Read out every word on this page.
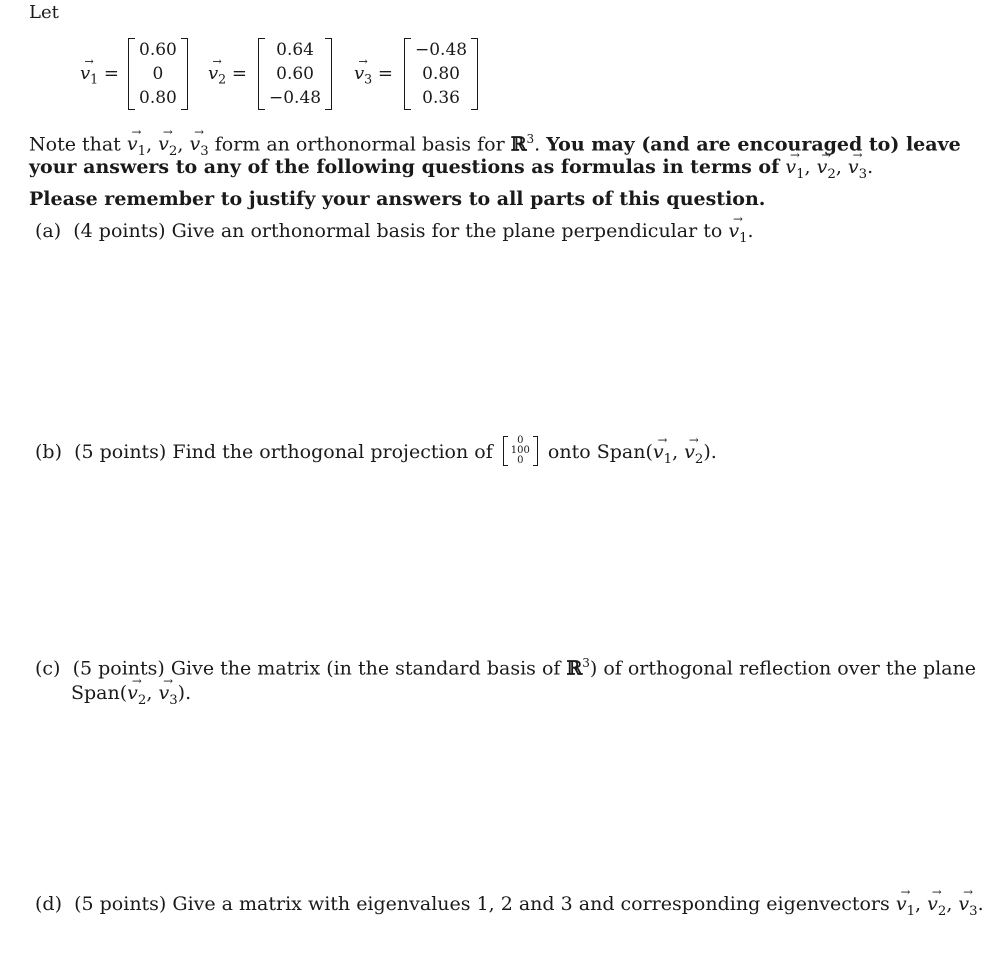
Let
→ $v_1$ =
0.60
0
0.80
→ $v_2$ =
0.64
0.60
−0.48
→ $v_3$ =
−0.48
0.80
0.36
Note that → $v_1$, → $v_2$, → $v_3$ form an orthonormal basis for ℝ$^3$. You may (and are encouraged to) leave
your answers to any of the following questions as formulas in terms of → $v_1$, → $v_2$, → $v_3$.
Please remember to justify your answers to all parts of this question.
(a) (4 points) Give an orthonormal basis for the plane perpendicular to → $v_1$.
(b) (5 points) Find the orthogonal projection of
0
100
0	onto Span(→ $v_1$, → $v_2$).
(c) (5 points) Give the matrix (in the standard basis of ℝ$^3$) of orthogonal reflection over the plane
Span(→ $v_2$, → $v_3$).
(d) (5 points) Give a matrix with eigenvalues 1, 2 and 3 and corresponding eigenvectors → $v_1$, → $v_2$, → $v_3$.
